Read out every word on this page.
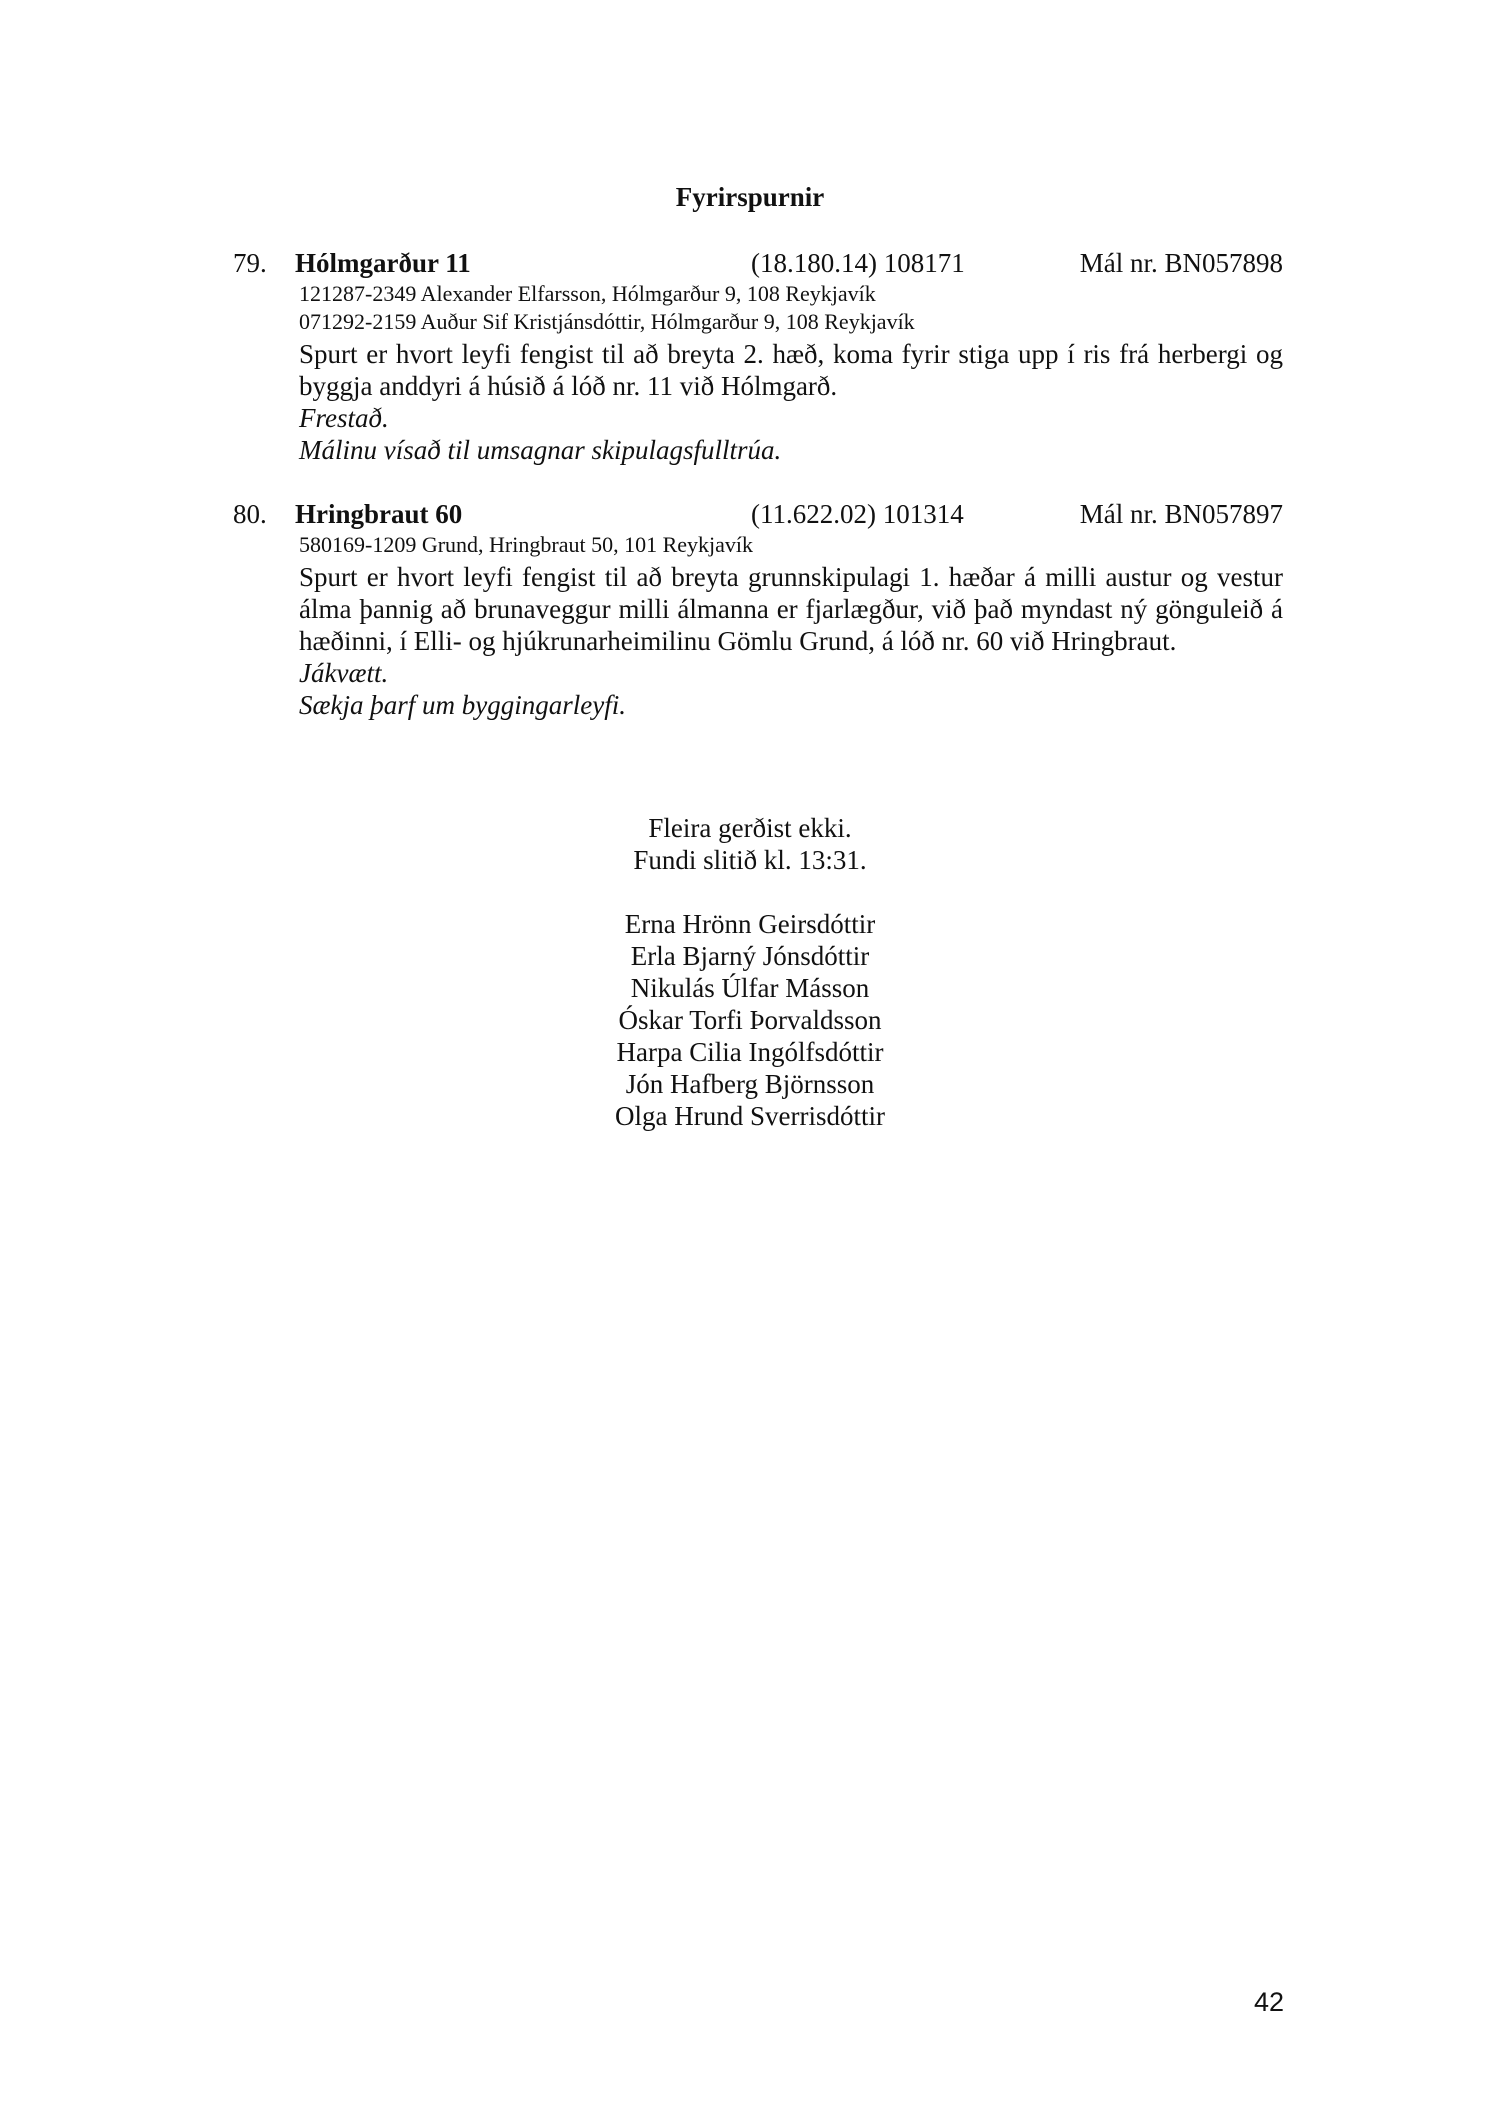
Fyrirspurnir
79. Hólmgarður 11	(18.180.14) 108171	Mál nr. BN057898
121287-2349 Alexander Elfarsson, Hólmgarður 9, 108 Reykjavík
071292-2159 Auður Sif Kristjánsdóttir, Hólmgarður 9, 108 Reykjavík
Spurt er hvort leyfi fengist til að breyta 2. hæð, koma fyrir stiga upp í ris frá herbergi og byggja anddyri á húsið á lóð nr. 11 við Hólmgarð.
Frestað.
Málinu vísað til umsagnar skipulagsfulltrúa.
80. Hringbraut 60	(11.622.02) 101314	Mál nr. BN057897
580169-1209 Grund, Hringbraut 50, 101 Reykjavík
Spurt er hvort leyfi fengist til að breyta grunnskipulagi 1. hæðar á milli austur og vestur álma þannig að brunaveggur milli álmanna er fjarlægður, við það myndast ný gönguleið á hæðinni, í Elli- og hjúkrunarheimilinu Gömlu Grund, á lóð nr. 60 við Hringbraut.
Jákvætt.
Sækja þarf um byggingarleyfi.
Fleira gerðist ekki.
Fundi slitið kl. 13:31.
Erna Hrönn Geirsdóttir
Erla Bjarný Jónsdóttir
Nikulás Úlfar Másson
Óskar Torfi Þorvaldsson
Harpa Cilia Ingólfsdóttir
Jón Hafberg Björnsson
Olga Hrund Sverrisdóttir
42
